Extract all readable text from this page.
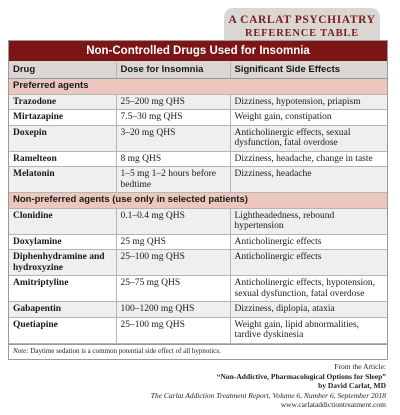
A CARLAT PSYCHIATRY
REFERENCE TABLE
Non-Controlled Drugs Used for Insomnia
Drug	Dose for Insomnia	Significant Side Effects
Preferred agents		
Trazodone	25–200 mg QHS	Dizziness, hypotension, priapism
Mirtazapine	7.5–30 mg QHS	Weight gain, constipation
Doxepin	3–20 mg QHS	Anticholinergic effects, sexual dysfunction, fatal overdose
Ramelteon	8 mg QHS	Dizziness, headache, change in taste
Melatonin	1–5 mg 1–2 hours before bedtime	Dizziness, headache
Non-preferred agents (use only in selected patients)		
Clonidine	0.1–0.4 mg QHS	Lightheadedness, rebound hypertension
Doxylamine	25 mg QHS	Anticholinergic effects
Diphenhydramine and hydroxyzine	25–100 mg QHS	Anticholinergic effects
Amitriptyline	25–75 mg QHS	Anticholinergic effects, hypotension, sexual dysfunction, fatal overdose
Gabapentin	100–1200 mg QHS	Dizziness, diplopia, ataxia
Quetiapine	25–100 mg QHS	Weight gain, lipid abnormalities, tardive dyskinesia
Note: Daytime sedation is a common potential side effect of all hypnotics.
From the Article:
“Non-Addictive, Pharmacological Options for Sleep”
by David Carlat, MD
The Carlat Addiction Treatment Report, Volume 6, Number 6, September 2018
www.carlataddictiontreatment.com
